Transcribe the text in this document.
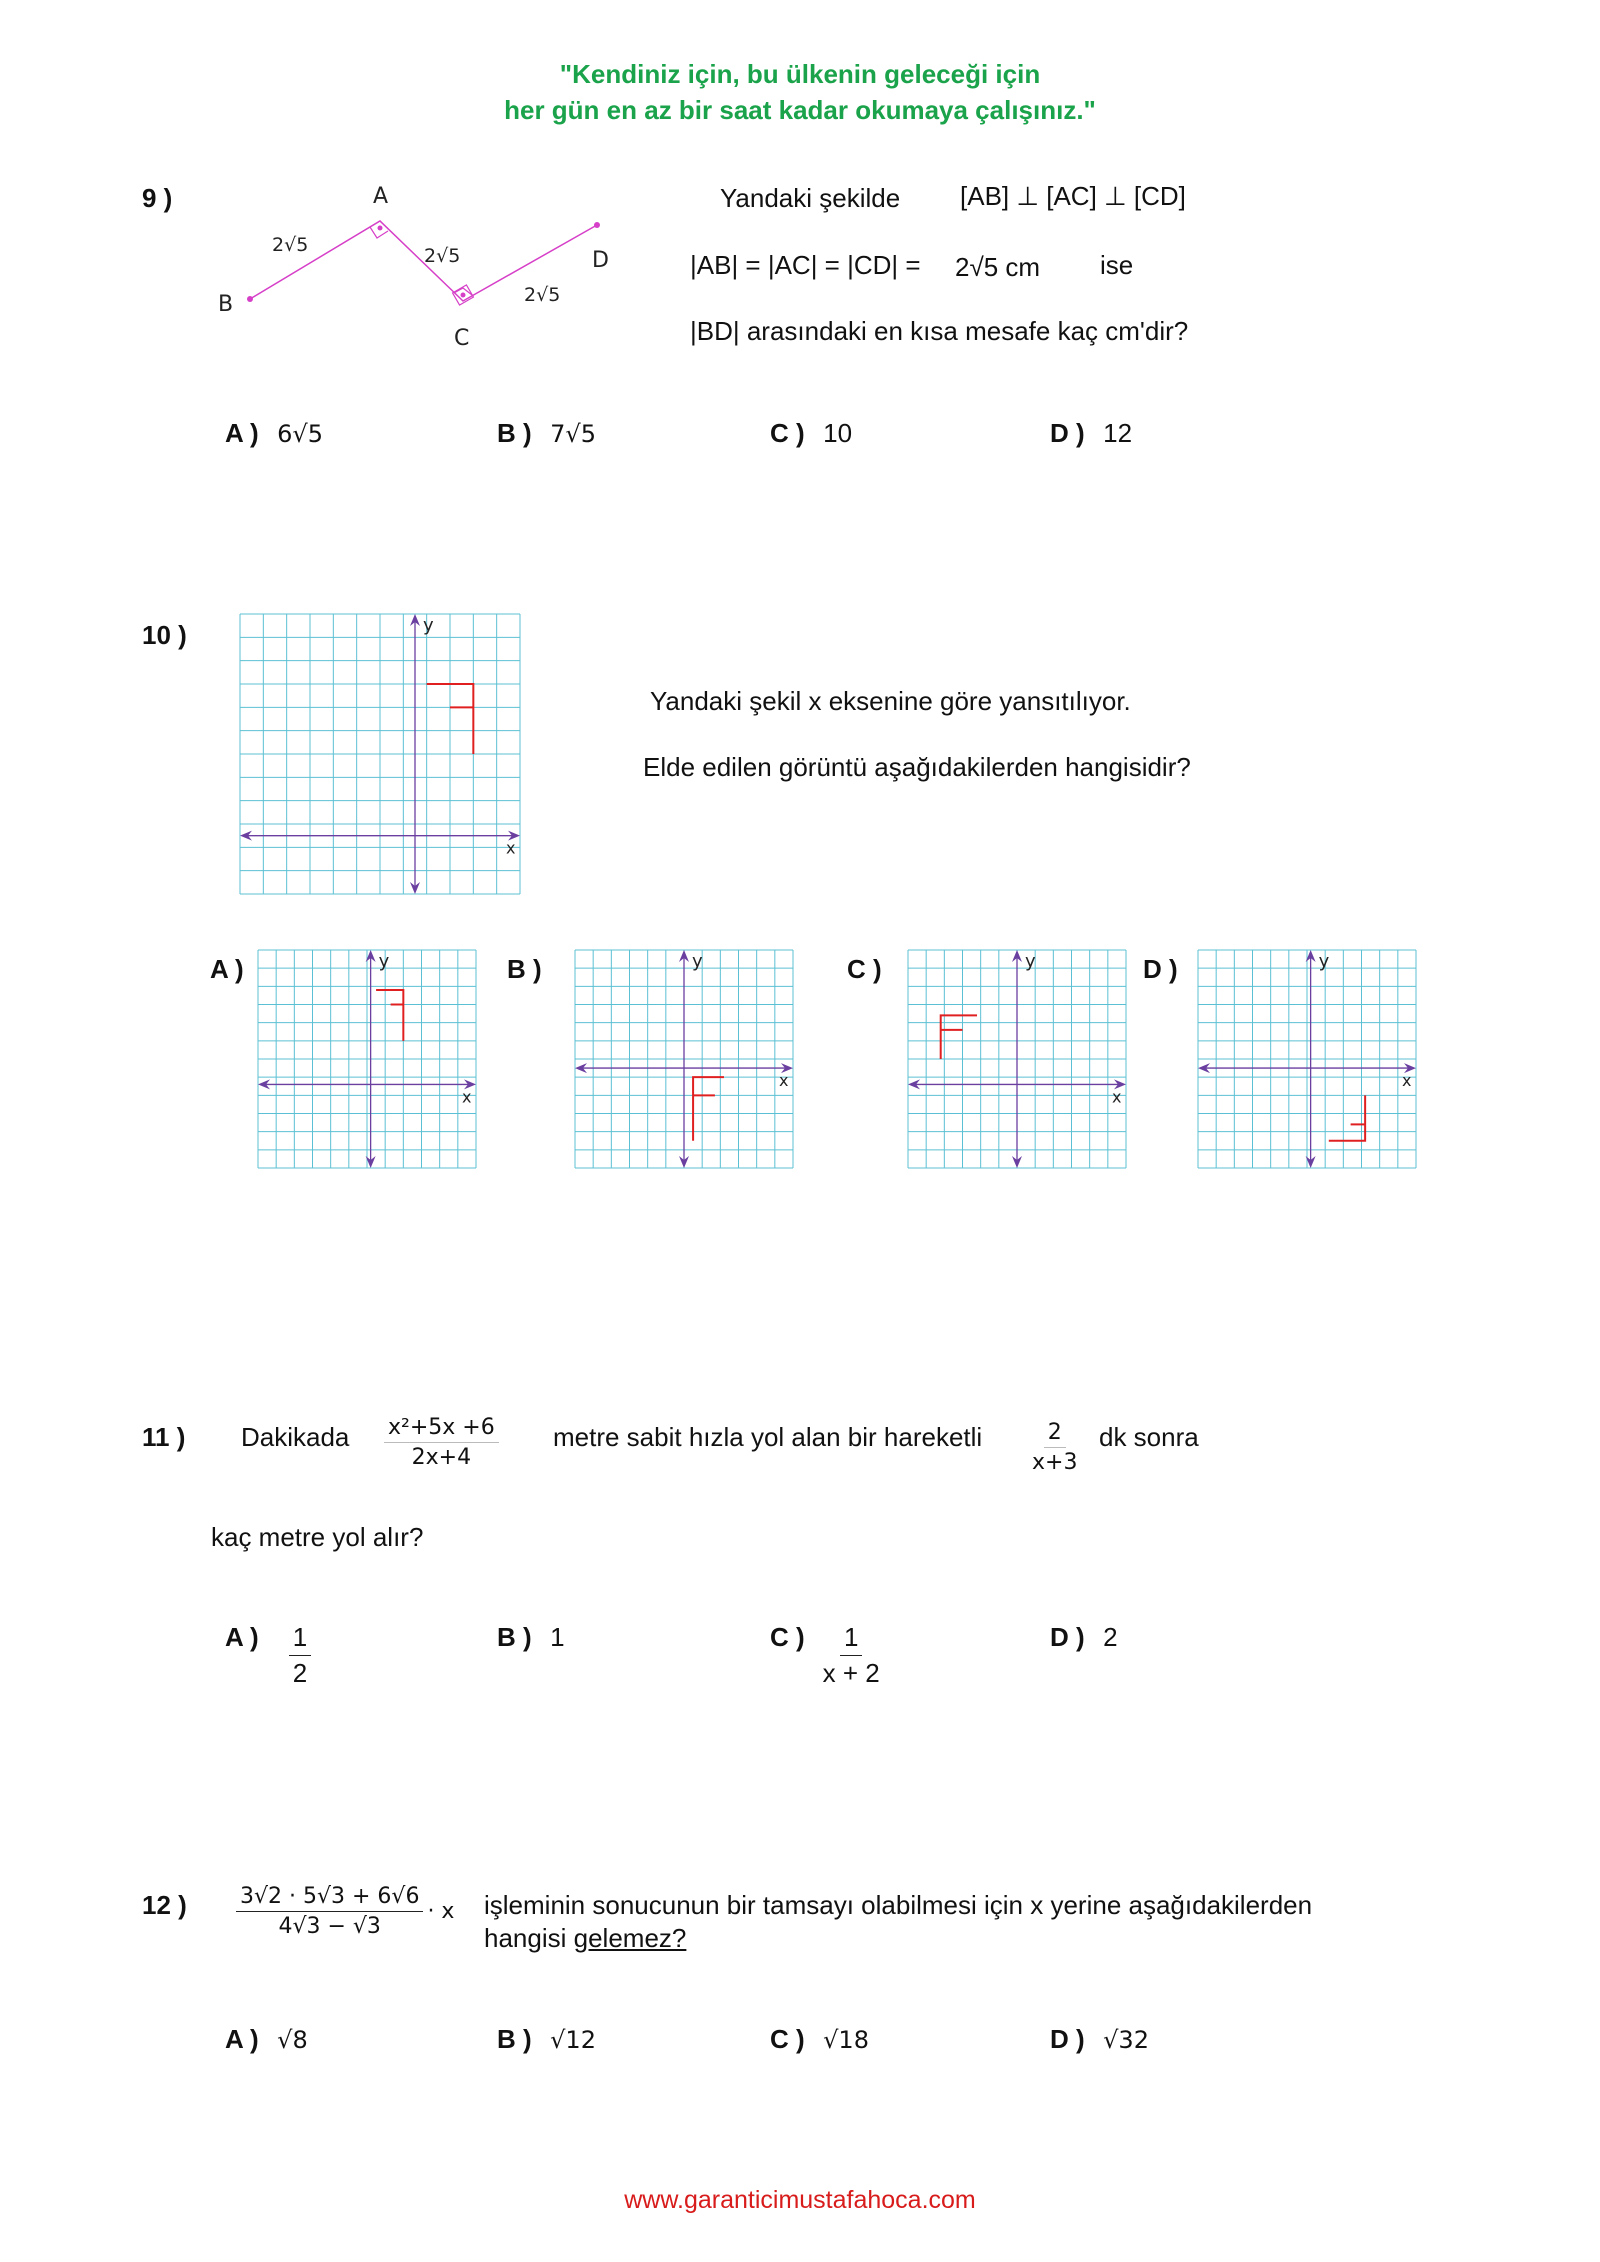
"Kendiniz için, bu ülkenin geleceği için
her gün en az bir saat kadar okumaya çalışınız."
9 )	A
B
C
D
2√5	2√5
2√5
Yandaki şekilde [AB] ⊥ [AC] ⊥ [CD]
|AB| = |AC| = |CD| = 2√5 cm ise
|BD| arasındaki en kısa mesafe kaç cm'dir?
A ) 6√5	B ) 7√5	C ) 10	D ) 12
10 )	y
x
Yandaki şekil x eksenine göre yansıtılıyor.
Elde edilen görüntü aşağıdakilerden hangisidir?
A )	y
x
B )	y
x
C )	y
x
D )	y
x
11 ) Dakikada $\frac{\text{x²+5x +6}}{2x+4}$ metre sabit hızla yol alan bir hareketli $\frac{2}{x+3}$ dk sonra
kaç metre yol alır?
A ) $\frac{1}{2}$	B ) 1	C ) $\frac{1}{x + 2}$	D ) 2
12 ) $\frac{3√2 \cdot 5√3 + 6√6}{4√3 - √3} \cdot x$ işleminin sonucunun bir tamsayı olabilmesi için x yerine aşağıdakilerden
hangisi gelemez?
A ) √8	B ) √12	C ) √18	D ) √32
www.garanticimustafahoca.com
